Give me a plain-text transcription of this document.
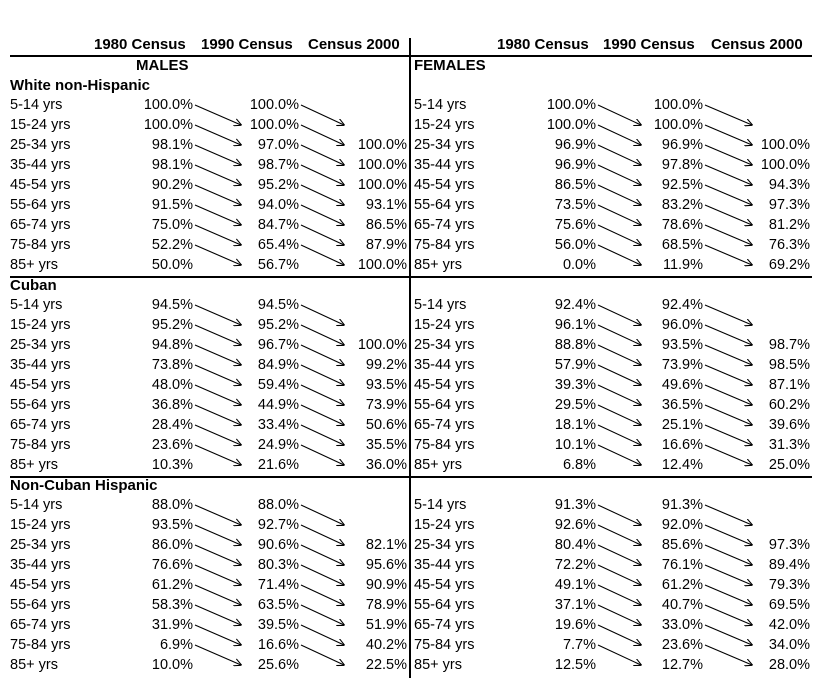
1980 Census	1980 Census
1990 Census	1990 Census
Census 2000	Census 2000
MALES	FEMALES
White non-Hispanic
5-14 yrs	100.0%	100.0%	5-14 yrs	100.0%	100.0%
15-24 yrs	100.0%	100.0%	15-24 yrs	100.0%	100.0%
25-34 yrs	98.1%	97.0%	100.0% 25-34 yrs	96.9%	96.9%	100.0%
35-44 yrs	98.1%	98.7%	100.0% 35-44 yrs	96.9%	97.8%	100.0%
45-54 yrs	90.2%	95.2%	100.0% 45-54 yrs	86.5%	92.5%	94.3%
55-64 yrs	91.5%	94.0%	93.1% 55-64 yrs	73.5%	83.2%	97.3%
65-74 yrs	75.0%	84.7%	86.5% 65-74 yrs	75.6%	78.6%	81.2%
75-84 yrs	52.2%	65.4%	87.9% 75-84 yrs	56.0%	68.5%	76.3%
85+ yrs	50.0%	56.7%	100.0% 85+ yrs	0.0%	11.9%	69.2%
Cuban
5-14 yrs	94.5%	94.5%	5-14 yrs	92.4%	92.4%
15-24 yrs	95.2%	95.2%	15-24 yrs	96.1%	96.0%
25-34 yrs	94.8%	96.7%	100.0% 25-34 yrs	88.8%	93.5%	98.7%
35-44 yrs	73.8%	84.9%	99.2% 35-44 yrs	57.9%	73.9%	98.5%
45-54 yrs	48.0%	59.4%	93.5% 45-54 yrs	39.3%	49.6%	87.1%
55-64 yrs	36.8%	44.9%	73.9% 55-64 yrs	29.5%	36.5%	60.2%
65-74 yrs	28.4%	33.4%	50.6% 65-74 yrs	18.1%	25.1%	39.6%
75-84 yrs	23.6%	24.9%	35.5% 75-84 yrs	10.1%	16.6%	31.3%
85+ yrs	10.3%	21.6%	36.0% 85+ yrs	6.8%	12.4%	25.0%
Non-Cuban Hispanic
5-14 yrs	88.0%	88.0%	5-14 yrs	91.3%	91.3%
15-24 yrs	93.5%	92.7%	15-24 yrs	92.6%	92.0%
25-34 yrs	86.0%	90.6%	82.1% 25-34 yrs	80.4%	85.6%	97.3%
35-44 yrs	76.6%	80.3%	95.6% 35-44 yrs	72.2%	76.1%	89.4%
45-54 yrs	61.2%	71.4%	90.9% 45-54 yrs	49.1%	61.2%	79.3%
55-64 yrs	58.3%	63.5%	78.9% 55-64 yrs	37.1%	40.7%	69.5%
65-74 yrs	31.9%	39.5%	51.9% 65-74 yrs	19.6%	33.0%	42.0%
75-84 yrs	6.9%	16.6%	40.2% 75-84 yrs	7.7%	23.6%	34.0%
85+ yrs	10.0%	25.6%	22.5% 85+ yrs	12.5%	12.7%	28.0%
